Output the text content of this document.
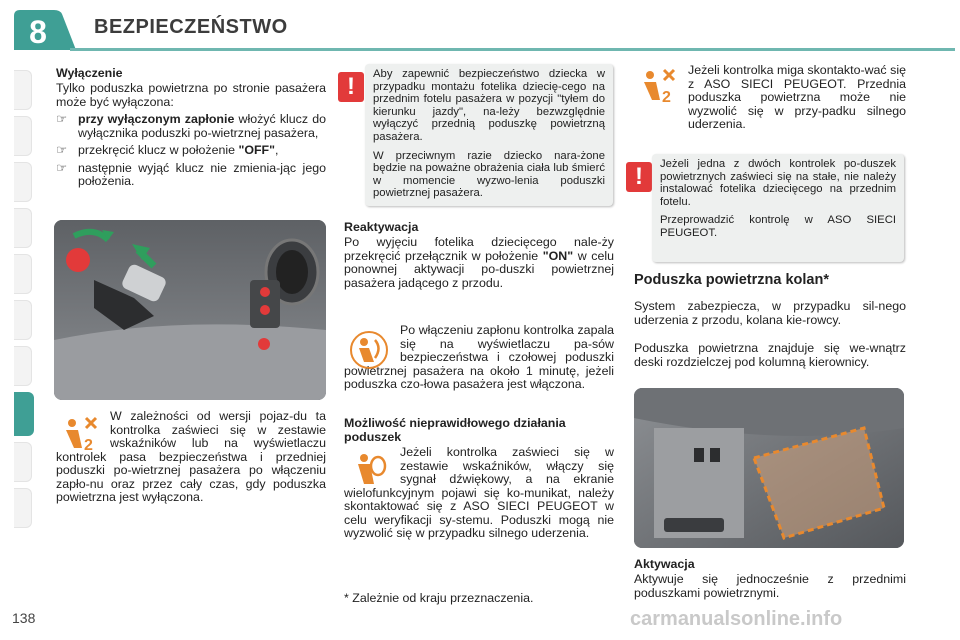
8	BEZPIECZEŃSTWO
Wyłączenie
Tylko poduszka powietrzna po stronie pasażera może być wyłączona:
☞ przy wyłączonym zapłonie włożyć klucz do wyłącznika poduszki po-wietrznej pasażera,
☞ przekręcić klucz w położenie "OFF",
☞ następnie wyjąć klucz nie zmienia-jąc jego położenia.
2
W zależności od wersji pojaz-du ta kontrolka zaświeci się w zestawie wskaźników lub na wyświetlaczu kontrolek pasa bezpieczeństwa i przedniej poduszki po-wietrznej pasażera po włączeniu zapło-nu oraz przez cały czas, gdy poduszka powietrzna jest wyłączona.
!	Aby zapewnić bezpieczeństwo dziecka w przypadku montażu fotelika dziecię-cego na przednim fotelu pasażera w pozycji "tyłem do kierunku jazdy", na-leży bezwzględnie wyłączyć przednią poduszkę powietrzną pasażera.

W przeciwnym razie dziecko nara-żone będzie na poważne obrażenia ciała lub śmierć w momencie wyzwo-lenia poduszki powietrznej pasażera.

Reaktywacja
Po wyjęciu fotelika dziecięcego nale-ży przekręcić przełącznik w położenie "ON" w celu ponownej aktywacji po-duszki powietrznej pasażera jadącego z przodu.
Po włączeniu zapłonu kontrolka zapala się na wyświetlaczu pa-sów bezpieczeństwa i czołowej poduszki powietrznej pasażera na około 1 minutę, jeżeli poduszka czo-łowa pasażera jest włączona.
Możliwość nieprawidłowego działania poduszek
Jeżeli kontrolka zaświeci się w zestawie wskaźników, włączy się sygnał dźwiękowy, a na ekranie wielofunkcyjnym pojawi się ko-munikat, należy skontaktować się z ASO SIECI PEUGEOT w celu weryfikacji sy-stemu. Poduszki mogą nie wyzwolić się w przypadku silnego uderzenia.
* Zależnie od kraju przeznaczenia.
2
Jeżeli kontrolka miga skontakto-wać się z ASO SIECI PEUGEOT. Przednia poduszka powietrzna może nie wyzwolić się w przy-padku silnego uderzenia.
!	Jeżeli jedna z dwóch kontrolek po-duszek powietrznych zaświeci się na stałe, nie należy instalować fotelika dziecięcego na przednim fotelu.

Przeprowadzić kontrolę w ASO SIECI PEUGEOT.

Poduszka powietrzna kolan*
System zabezpiecza, w przypadku sil-nego uderzenia z przodu, kolana kie-rowcy.
Poduszka powietrzna znajduje się we-wnątrz deski rozdzielczej pod kolumną kierownicy.
Aktywacja
Aktywuje się jednocześnie z przednimi poduszkami powietrznymi.
138	carmanualsonline.info
